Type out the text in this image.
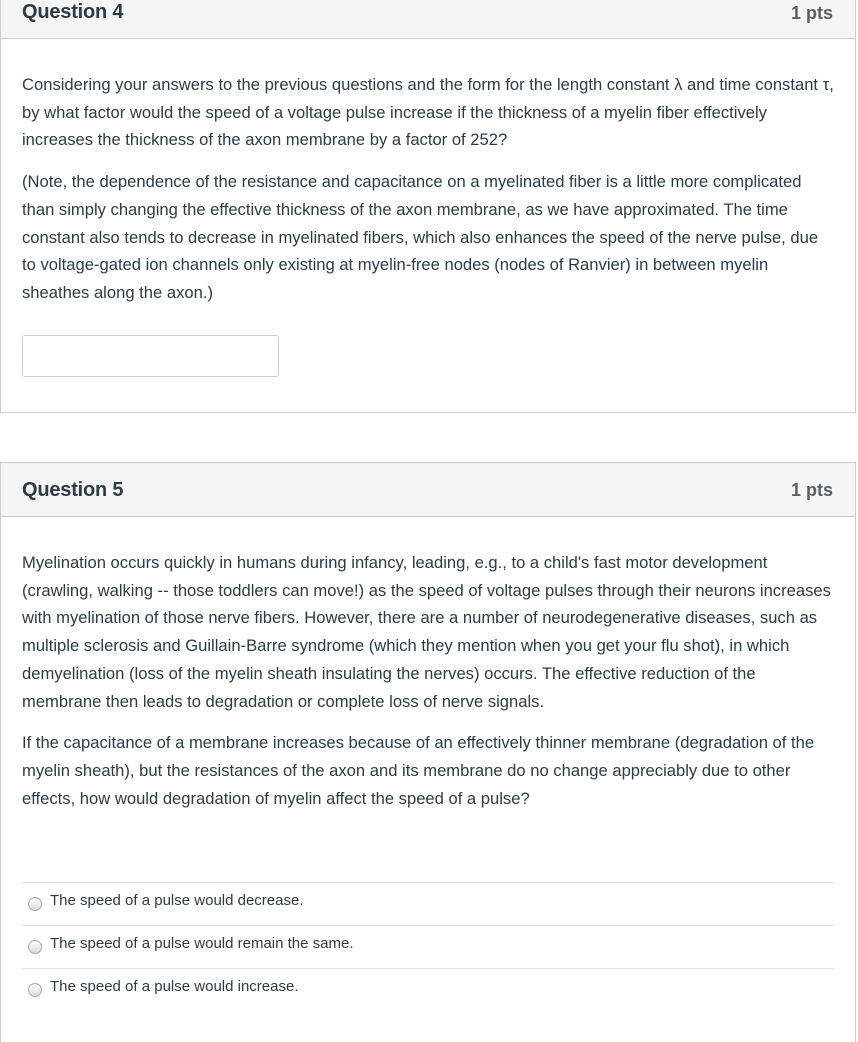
Question 4	1 pts

Considering your answers to the previous questions and the form for the length constant λ and time constant τ, by what factor would the speed of a voltage pulse increase if the thickness of a myelin fiber effectively increases the thickness of the axon membrane by a factor of 252?

(Note, the dependence of the resistance and capacitance on a myelinated fiber is a little more complicated than simply changing the effective thickness of the axon membrane, as we have approximated. The time constant also tends to decrease in myelinated fibers, which also enhances the speed of the nerve pulse, due to voltage-gated ion channels only existing at myelin-free nodes (nodes of Ranvier) in between myelin sheathes along the axon.)

Question 5	1 pts

Myelination occurs quickly in humans during infancy, leading, e.g., to a child's fast motor development (crawling, walking -- those toddlers can move!) as the speed of voltage pulses through their neurons increases with myelination of those nerve fibers. However, there are a number of neurodegenerative diseases, such as multiple sclerosis and Guillain-Barre syndrome (which they mention when you get your flu shot), in which demyelination (loss of the myelin sheath insulating the nerves) occurs. The effective reduction of the membrane then leads to degradation or complete loss of nerve signals.

If the capacitance of a membrane increases because of an effectively thinner membrane (degradation of the myelin sheath), but the resistances of the axon and its membrane do no change appreciably due to other effects, how would degradation of myelin affect the speed of a pulse?

The speed of a pulse would decrease.
The speed of a pulse would remain the same.
The speed of a pulse would increase.
